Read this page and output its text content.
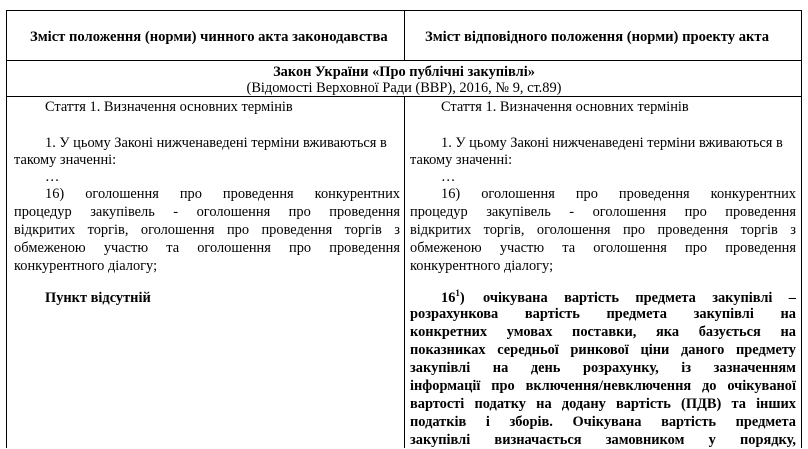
Зміст положення (норми) чинного акта законодавства	Зміст відповідного положення (норми) проекту акта
Закон України «Про публічні закупівлі»
(Відомості Верховної Ради (ВВР), 2016, № 9, ст.89)
Стаття 1. Визначення основних термінів
1. У цьому Законі нижченаведені терміни вживаються в
такому значенні:
…
16) оголошення про проведення конкурентних
процедур закупівель - оголошення про проведення
відкритих торгів, оголошення про проведення торгів з
обмеженою участю та оголошення про проведення
конкурентного діалогу;
Пункт відсутній
Стаття 1. Визначення основних термінів
1. У цьому Законі нижченаведені терміни вживаються в
такому значенні:
…
16) оголошення про проведення конкурентних
процедур закупівель - оголошення про проведення
відкритих торгів, оголошення про проведення торгів з
обмеженою участю та оголошення про проведення
конкурентного діалогу;
$16^1$) очікувана вартість предмета закупівлі –
розрахункова вартість предмета закупівлі на
конкретних умовах поставки, яка базується на
показниках середньої ринкової ціни даного предмету
закупівлі на день розрахунку, із зазначенням
інформації про включення/невключення до очікуваної
вартості податку на додану вартість (ПДВ) та інших
податків і зборів. Очікувана вартість предмета
закупівлі визначається замовником у порядку,
